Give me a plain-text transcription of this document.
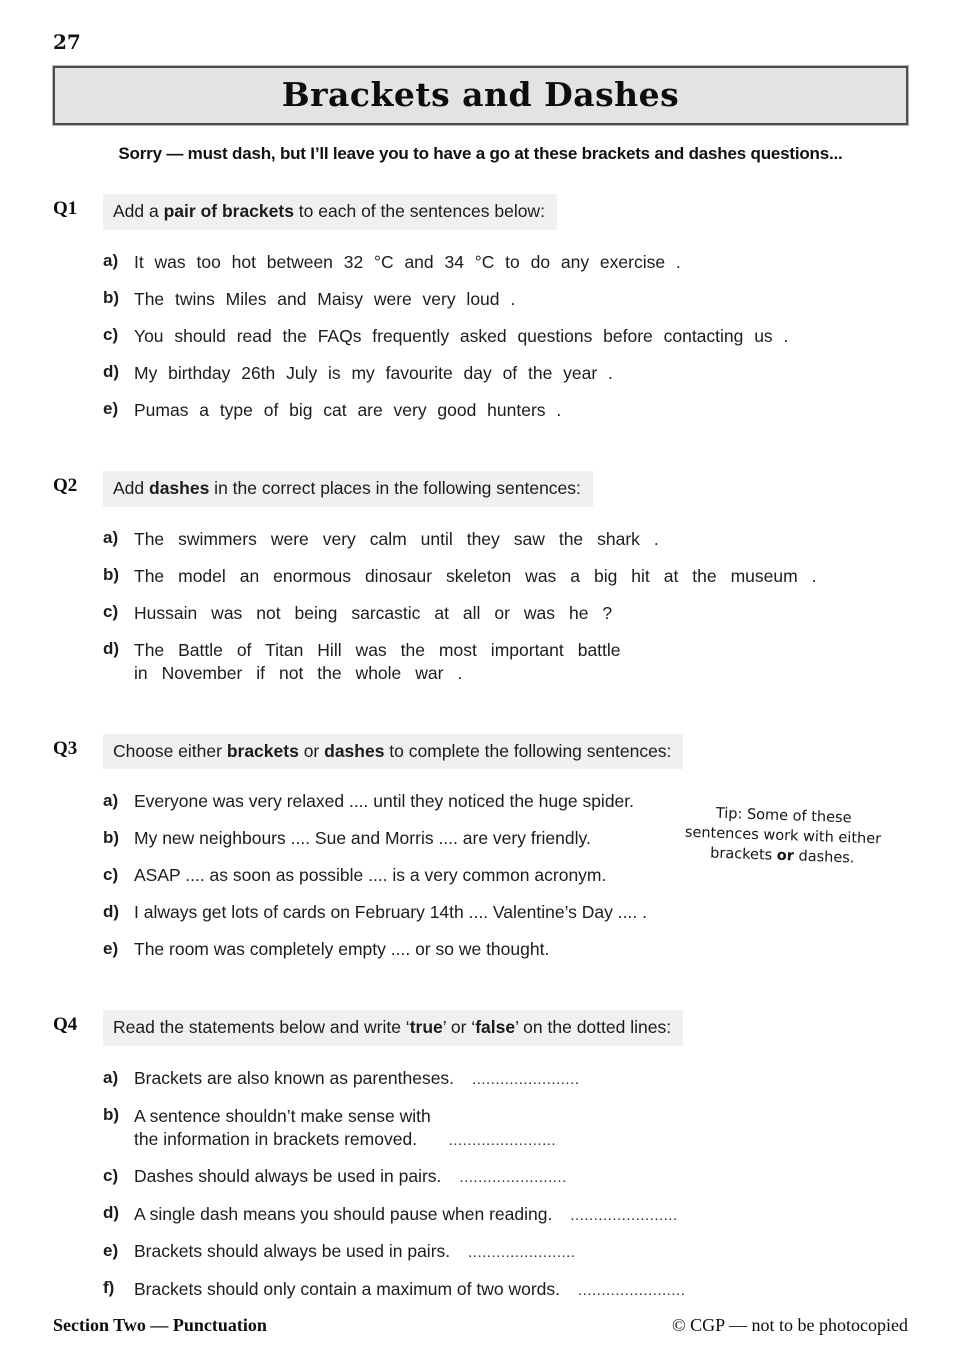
27
Brackets and Dashes
Sorry — must dash, but I’ll leave you to have a go at these brackets and dashes questions...
Q1	Add a pair of brackets to each of the sentences below:
a) It was too hot between 32 °C and 34 °C to do any exercise .
b) The twins Miles and Maisy were very loud .
c) You should read the FAQs frequently asked questions before contacting us .
d) My birthday 26th July is my favourite day of the year .
e) Pumas a type of big cat are very good hunters .
Q2	Add dashes in the correct places in the following sentences:
a) The swimmers were very calm until they saw the shark .
b) The model an enormous dinosaur skeleton was a big hit at the museum .
c) Hussain was not being sarcastic at all or was he ?
d) The Battle of Titan Hill was the most important battle
in November if not the whole war .
Q3	Choose either brackets or dashes to complete the following sentences:
a) Everyone was very relaxed .... until they noticed the huge spider.
b) My new neighbours .... Sue and Morris .... are very friendly.
c) ASAP .... as soon as possible .... is a very common acronym.
d) I always get lots of cards on February 14th .... Valentine’s Day .... .
e) The room was completely empty .... or so we thought.
Tip: Some of these
sentences work with either
brackets or dashes.
Q4	Read the statements below and write ‘true’ or ‘false’ on the dotted lines:
a) Brackets are also known as parentheses. .......................
b) A sentence shouldn’t make sense with
the information in brackets removed.	.......................
c) Dashes should always be used in pairs. .......................
d) A single dash means you should pause when reading. .......................
e) Brackets should always be used in pairs. .......................
f)	Brackets should only contain a maximum of two words. .......................
Section Two — Punctuation	© CGP — not to be photocopied
